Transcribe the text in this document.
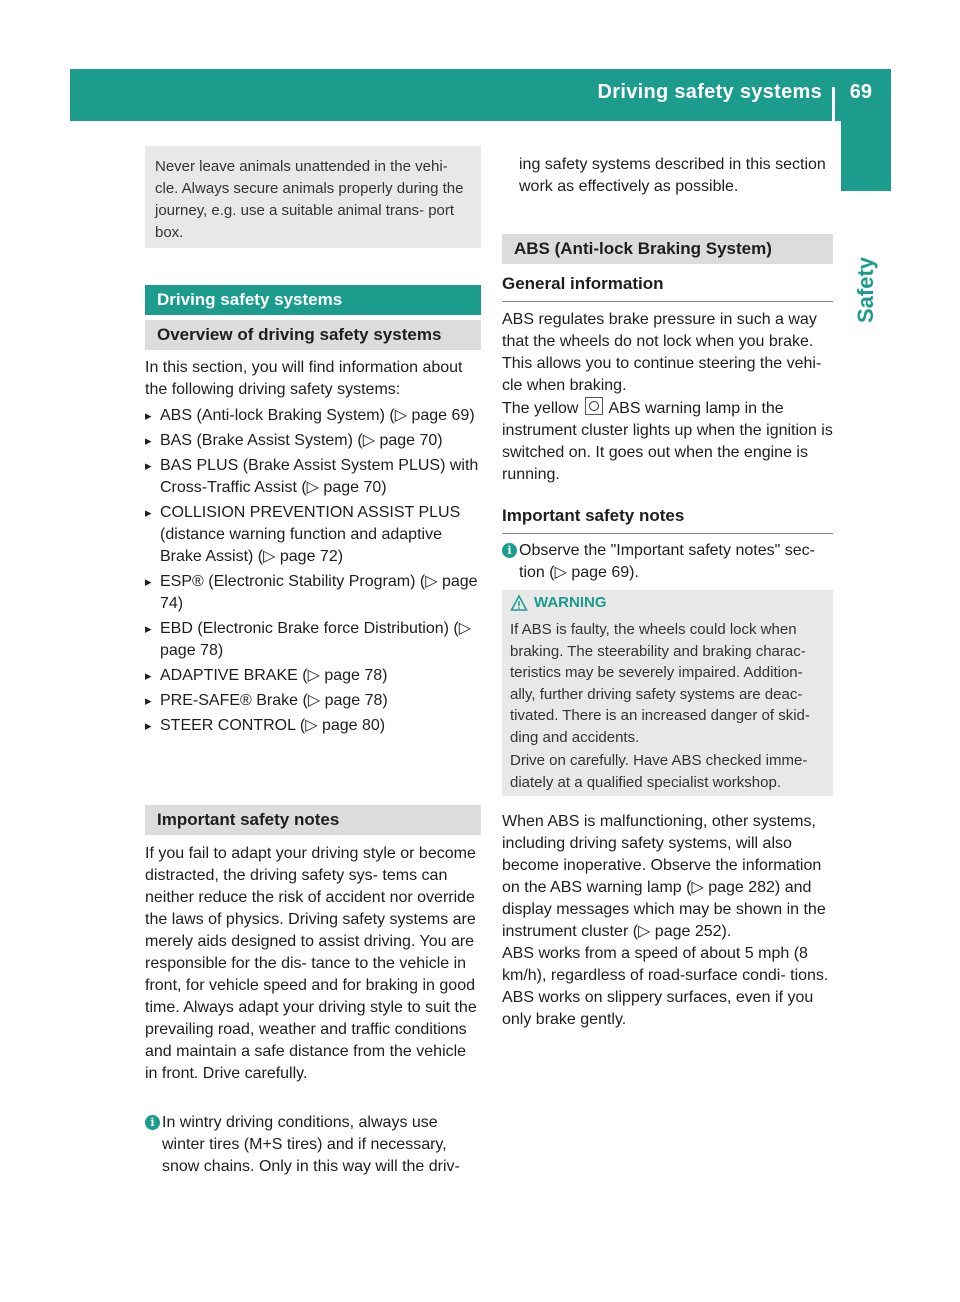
Driving safety systems 69
Safety

Never leave animals unattended in the vehi- cle. Always secure animals properly during the journey, e.g. use a suitable animal trans- port box.

Driving safety systems
Overview of driving safety systems

In this section, you will find information about the following driving safety systems:

▸ ABS (Anti-lock Braking System) (▷ page 69)
▸ BAS (Brake Assist System) (▷ page 70)
▸ BAS PLUS (Brake Assist System PLUS) with Cross-Traffic Assist (▷ page 70)
▸ COLLISION PREVENTION ASSIST PLUS (distance warning function and adaptive Brake Assist) (▷ page 72)
▸ ESP® (Electronic Stability Program) (▷ page 74)
▸ EBD (Electronic Brake force Distribution) (▷ page 78)
▸ ADAPTIVE BRAKE (▷ page 78)
▸ PRE-SAFE® Brake (▷ page 78)
▸ STEER CONTROL (▷ page 80)
Important safety notes

If you fail to adapt your driving style or become distracted, the driving safety sys- tems can neither reduce the risk of accident nor override the laws of physics. Driving safety systems are merely aids designed to assist driving. You are responsible for the dis- tance to the vehicle in front, for vehicle speed and for braking in good time. Always adapt your driving style to suit the prevailing road, weather and traffic conditions and maintain a safe distance from the vehicle in front. Drive carefully.

i In wintry driving conditions, always use winter tires (M+S tires) and if necessary, snow chains. Only in this way will the driv-

ing safety systems described in this section work as effectively as possible.

ABS (Anti-lock Braking System)
General information

ABS regulates brake pressure in such a way that the wheels do not lock when you brake. This allows you to continue steering the vehi- cle when braking.

The yellow ABS warning lamp in the instrument cluster lights up when the ignition is switched on. It goes out when the engine is running.

Important safety notes
i Observe the "Important safety notes" sec- tion (▷ page 69).

WARNING

If ABS is faulty, the wheels could lock when braking. The steerability and braking charac- teristics may be severely impaired. Addition- ally, further driving safety systems are deac- tivated. There is an increased danger of skid- ding and accidents.

Drive on carefully. Have ABS checked imme- diately at a qualified specialist workshop.

When ABS is malfunctioning, other systems, including driving safety systems, will also become inoperative. Observe the information on the ABS warning lamp (▷ page 282) and display messages which may be shown in the instrument cluster (▷ page 252).

ABS works from a speed of about 5 mph (8 km/h), regardless of road-surface condi- tions. ABS works on slippery surfaces, even if you only brake gently.
